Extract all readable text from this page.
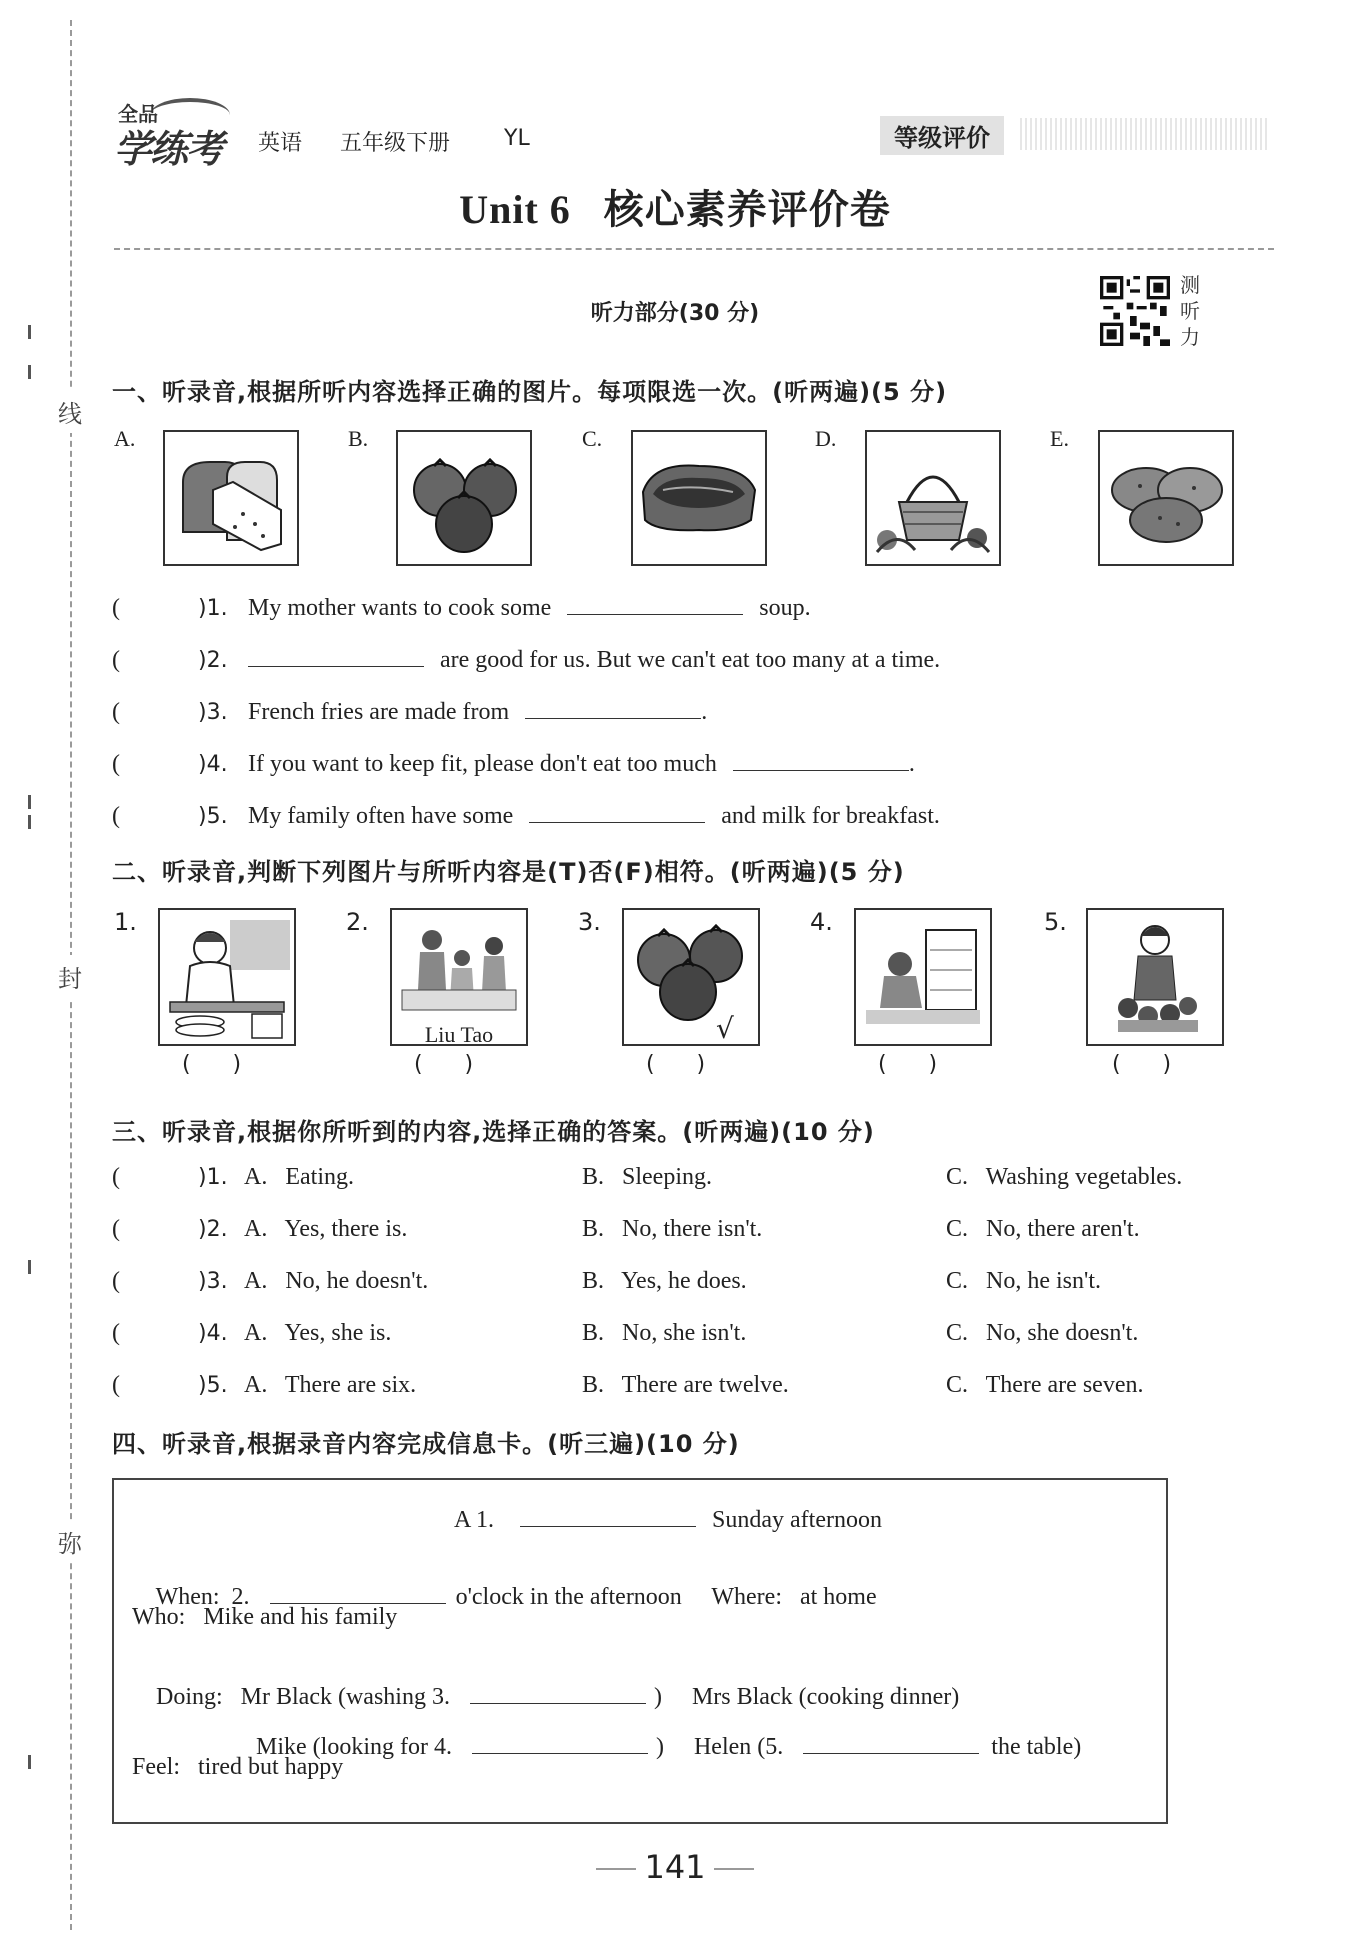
线
封
弥
全品
学练考 英语 五年级下册 YL	等级评价
Unit 6   核心素养评价卷
听力部分(30 分)
测听力
一、听录音,根据所听内容选择正确的图片。每项限选一次。(听两遍)(5 分)
A.	B.	C.	D.	E.
(	)1. My mother wants to cook some	soup.
(	)2.	are good for us. But we can't eat too many at a time.
(	)3. French fries are made from	.
(	)4. If you want to keep fit, please don't eat too much	.
(	)5. My family often have some	and milk for breakfast.
二、听录音,判断下列图片与所听内容是(T)否(F)相符。(听两遍)(5 分)
1.
(      )
2.
Liu Tao
(      )
3.
√
(      )
4.
(      )
5.
(      )
三、听录音,根据你所听到的内容,选择正确的答案。(听两遍)(10 分)
(	)1. A.   Eating.	B.   Sleeping.	C.   Washing vegetables.
(	)2. A.   Yes, there is.	B.   No, there isn't.	C.   No, there aren't.
(	)3. A.   No, he doesn't.	B.   Yes, he does.	C.   No, he isn't.
(	)4. A.   Yes, she is.	B.   No, she isn't.	C.   No, she doesn't.
(	)5. A.   There are six.	B.   There are twelve.	C.   There are seven.
四、听录音,根据录音内容完成信息卡。(听三遍)(10 分)
A 1.	Sunday afternoon

When:  2.	o'clock in the afternoon     Where:   at home

Who:   Mike and his family

Doing:   Mr Black (washing 3.	)     Mrs Black (cooking dinner)

Mike (looking for 4.	)     Helen (5.	the table)

Feel:   tired but happy
141
